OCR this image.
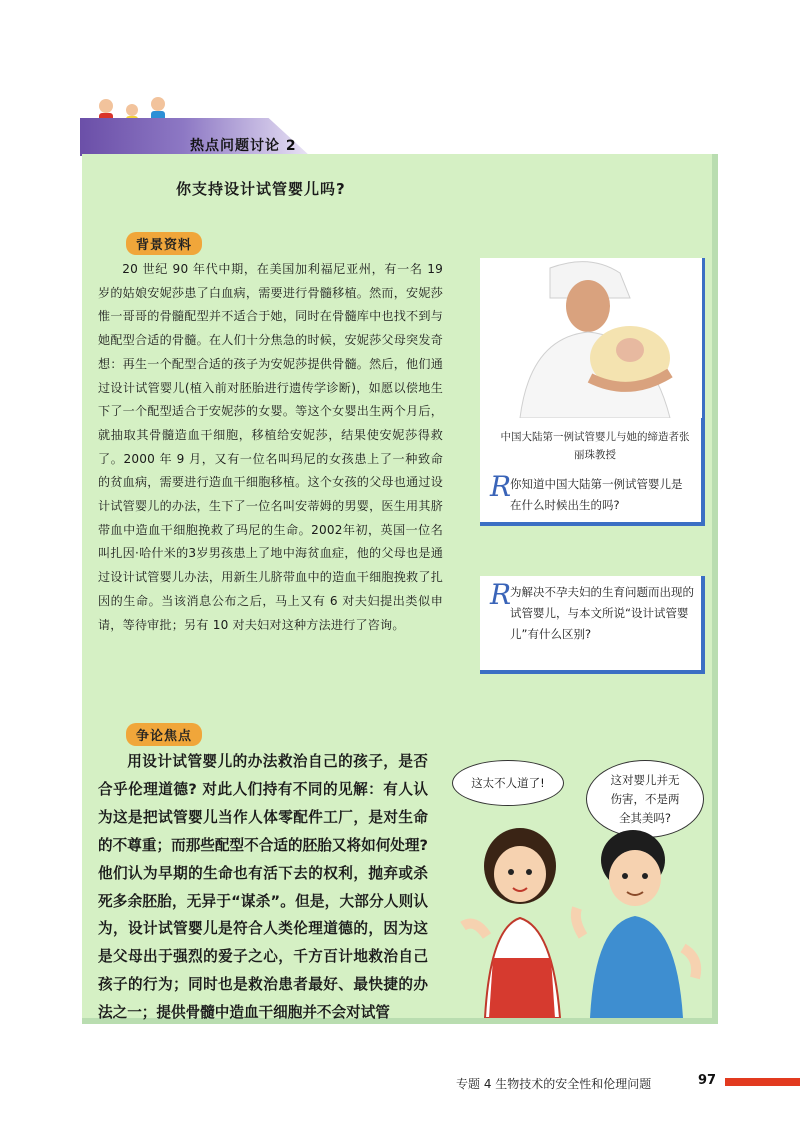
热点问题讨论 2
你支持设计试管婴儿吗?
背景资料

20 世纪 90 年代中期，在美国加利福尼亚州，有一名 19 岁的姑娘安妮莎患了白血病，需要进行骨髓移植。然而，安妮莎惟一哥哥的骨髓配型并不适合于她，同时在骨髓库中也找不到与她配型合适的骨髓。在人们十分焦急的时候，安妮莎父母突发奇想：再生一个配型合适的孩子为安妮莎提供骨髓。然后，他们通过设计试管婴儿(植入前对胚胎进行遗传学诊断)，如愿以偿地生下了一个配型适合于安妮莎的女婴。等这个女婴出生两个月后，就抽取其骨髓造血干细胞，移植给安妮莎，结果使安妮莎得救了。2000 年 9 月，又有一位名叫玛尼的女孩患上了一种致命的贫血病，需要进行造血干细胞移植。这个女孩的父母也通过设计试管婴儿的办法，生下了一位名叫安蒂姆的男婴，医生用其脐带血中造血干细胞挽救了玛尼的生命。2002年初，英国一位名叫扎因·哈什米的3岁男孩患上了地中海贫血症，他的父母也是通过设计试管婴儿办法，用新生儿脐带血中的造血干细胞挽救了扎因的生命。当该消息公布之后，马上又有 6 对夫妇提出类似申请，等待审批；另有 10 对夫妇对这种方法进行了咨询。

中国大陆第一例试管婴儿与她的缔造者张丽珠教授
R

你知道中国大陆第一例试管婴儿是在什么时候出生的吗?

R

为解决不孕夫妇的生育问题而出现的试管婴儿，与本文所说“设计试管婴儿”有什么区别?

争论焦点

用设计试管婴儿的办法救治自己的孩子，是否合乎伦理道德? 对此人们持有不同的见解：有人认为这是把试管婴儿当作人体零配件工厂，是对生命的不尊重；而那些配型不合适的胚胎又将如何处理? 他们认为早期的生命也有活下去的权利，抛弃或杀死多余胚胎，无异于“谋杀”。但是，大部分人则认为，设计试管婴儿是符合人类伦理道德的，因为这是父母出于强烈的爱子之心，千方百计地救治自己孩子的行为；同时也是救治患者最好、最快捷的办法之一；提供骨髓中造血干细胞并不会对试管

这太不人道了!	这对婴儿并无伤害，不是两全其美吗?
专题 4 生物技术的安全性和伦理问题	97
